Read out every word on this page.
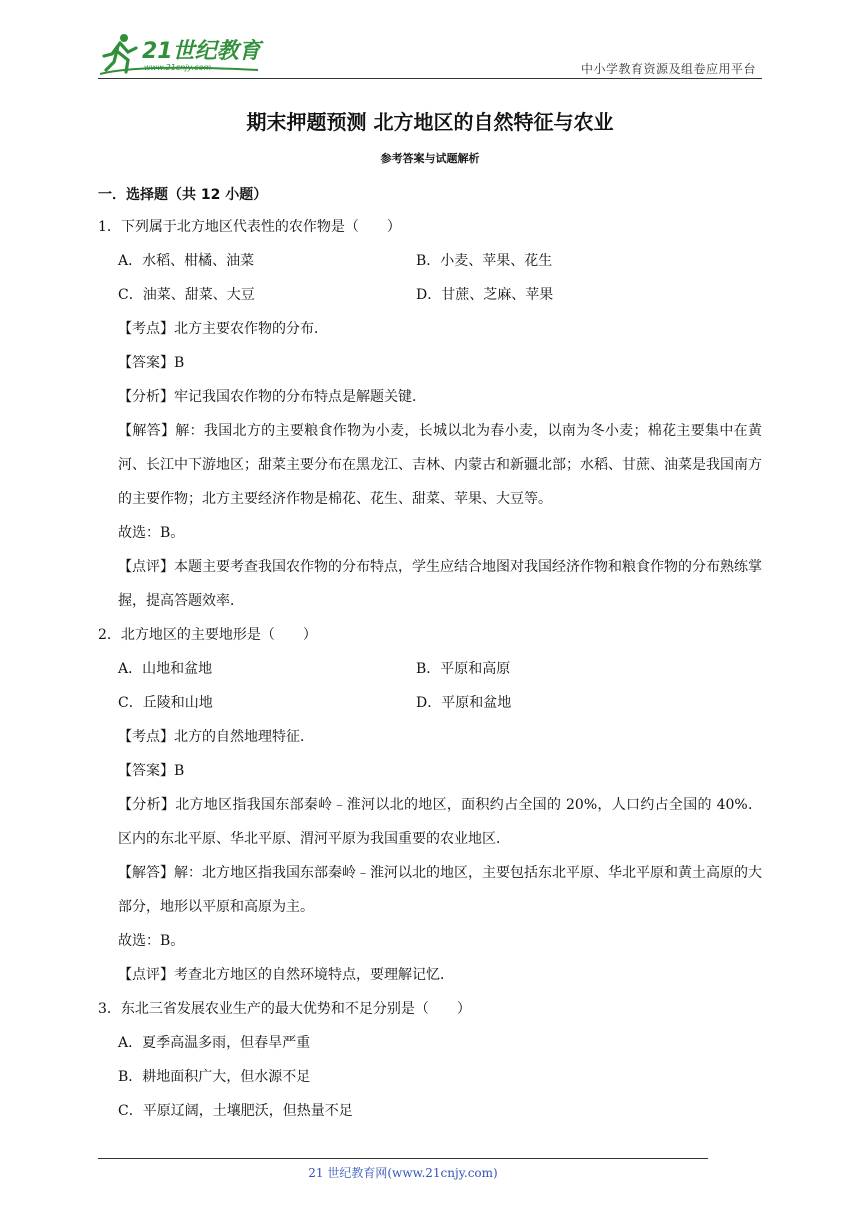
21世纪教育
www.21cnjy.com	中小学教育资源及组卷应用平台
期末押题预测 北方地区的自然特征与农业
参考答案与试题解析
一．选择题（共 12 小题）
1．下列属于北方地区代表性的农作物是（　　）
A．水稻、柑橘、油菜	B．小麦、苹果、花生
C．油菜、甜菜、大豆	D．甘蔗、芝麻、苹果
【考点】北方主要农作物的分布．
【答案】B
【分析】牢记我国农作物的分布特点是解题关键．
【解答】解：我国北方的主要粮食作物为小麦，长城以北为春小麦，以南为冬小麦；棉花主要集中在黄河、长江中下游地区；甜菜主要分布在黑龙江、吉林、内蒙古和新疆北部；水稻、甘蔗、油菜是我国南方的主要作物；北方主要经济作物是棉花、花生、甜菜、苹果、大豆等。
故选：B。
【点评】本题主要考查我国农作物的分布特点，学生应结合地图对我国经济作物和粮食作物的分布熟练掌握，提高答题效率．
2．北方地区的主要地形是（　　）
A．山地和盆地	B．平原和高原
C．丘陵和山地	D．平原和盆地
【考点】北方的自然地理特征．
【答案】B
【分析】北方地区指我国东部秦岭﹣淮河以北的地区，面积约占全国的 20%，人口约占全国的 40%．区内的东北平原、华北平原、渭河平原为我国重要的农业地区．
【解答】解：北方地区指我国东部秦岭﹣淮河以北的地区，主要包括东北平原、华北平原和黄土高原的大部分，地形以平原和高原为主。
故选：B。
【点评】考查北方地区的自然环境特点，要理解记忆．
3．东北三省发展农业生产的最大优势和不足分别是（　　）
A．夏季高温多雨，但春旱严重
B．耕地面积广大，但水源不足
C．平原辽阔，土壤肥沃，但热量不足
21 世纪教育网(www.21cnjy.com)
